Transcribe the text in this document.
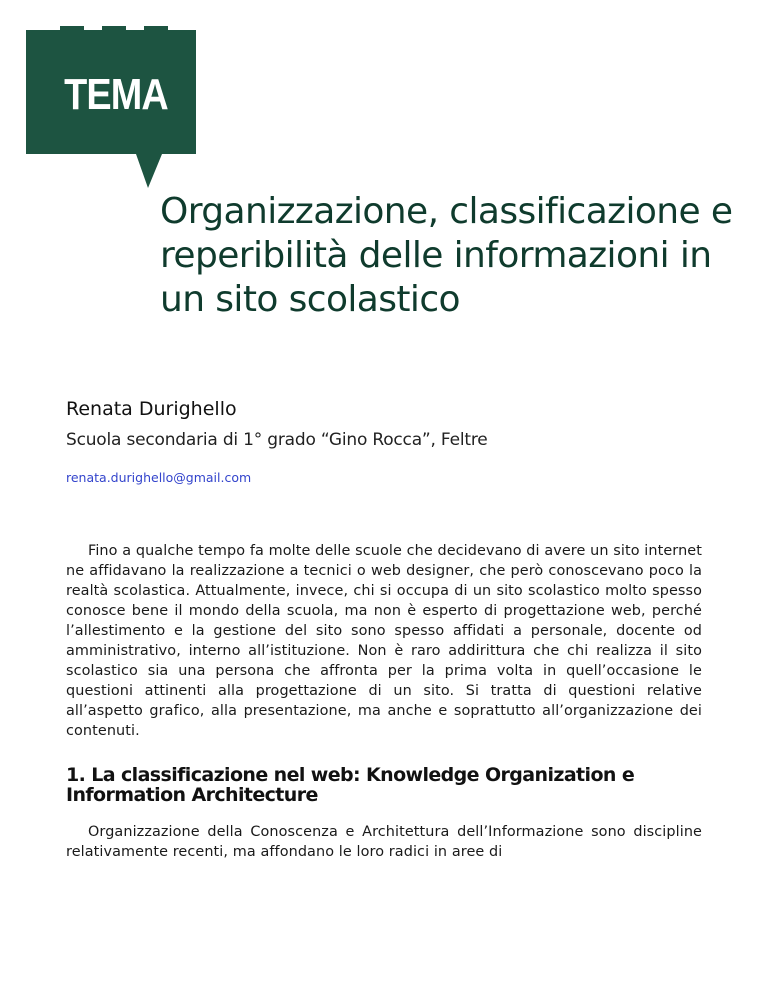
TEMA
Organizzazione, classificazione e reperibilità delle informazioni in un sito scolastico
Renata Durighello
Scuola secondaria di 1° grado “Gino Rocca”, Feltre
renata.durighello@gmail.com

Fino a qualche tempo fa molte delle scuole che decidevano di avere un sito internet ne affidavano la realizzazione a tecnici o web designer, che però conoscevano poco la realtà scolastica. Attualmente, invece, chi si occupa di un sito scolastico molto spesso conosce bene il mondo della scuola, ma non è esperto di progettazione web, perché l’allestimento e la gestione del sito sono spesso affidati a personale, docente od amministrativo, interno all’istituzione. Non è raro addirittura che chi realizza il sito scolastico sia una persona che affronta per la prima volta in quell’occasione le questioni attinenti alla progettazione di un sito. Si tratta di questioni relative all’aspetto grafico, alla presentazione, ma anche e soprattutto all’organizzazione dei contenuti.

1. La classificazione nel web: Knowledge Organization e Information Architecture

Organizzazione della Conoscenza e Architettura dell’Informazione sono discipline relativamente recenti, ma affondano le loro radici in aree di
